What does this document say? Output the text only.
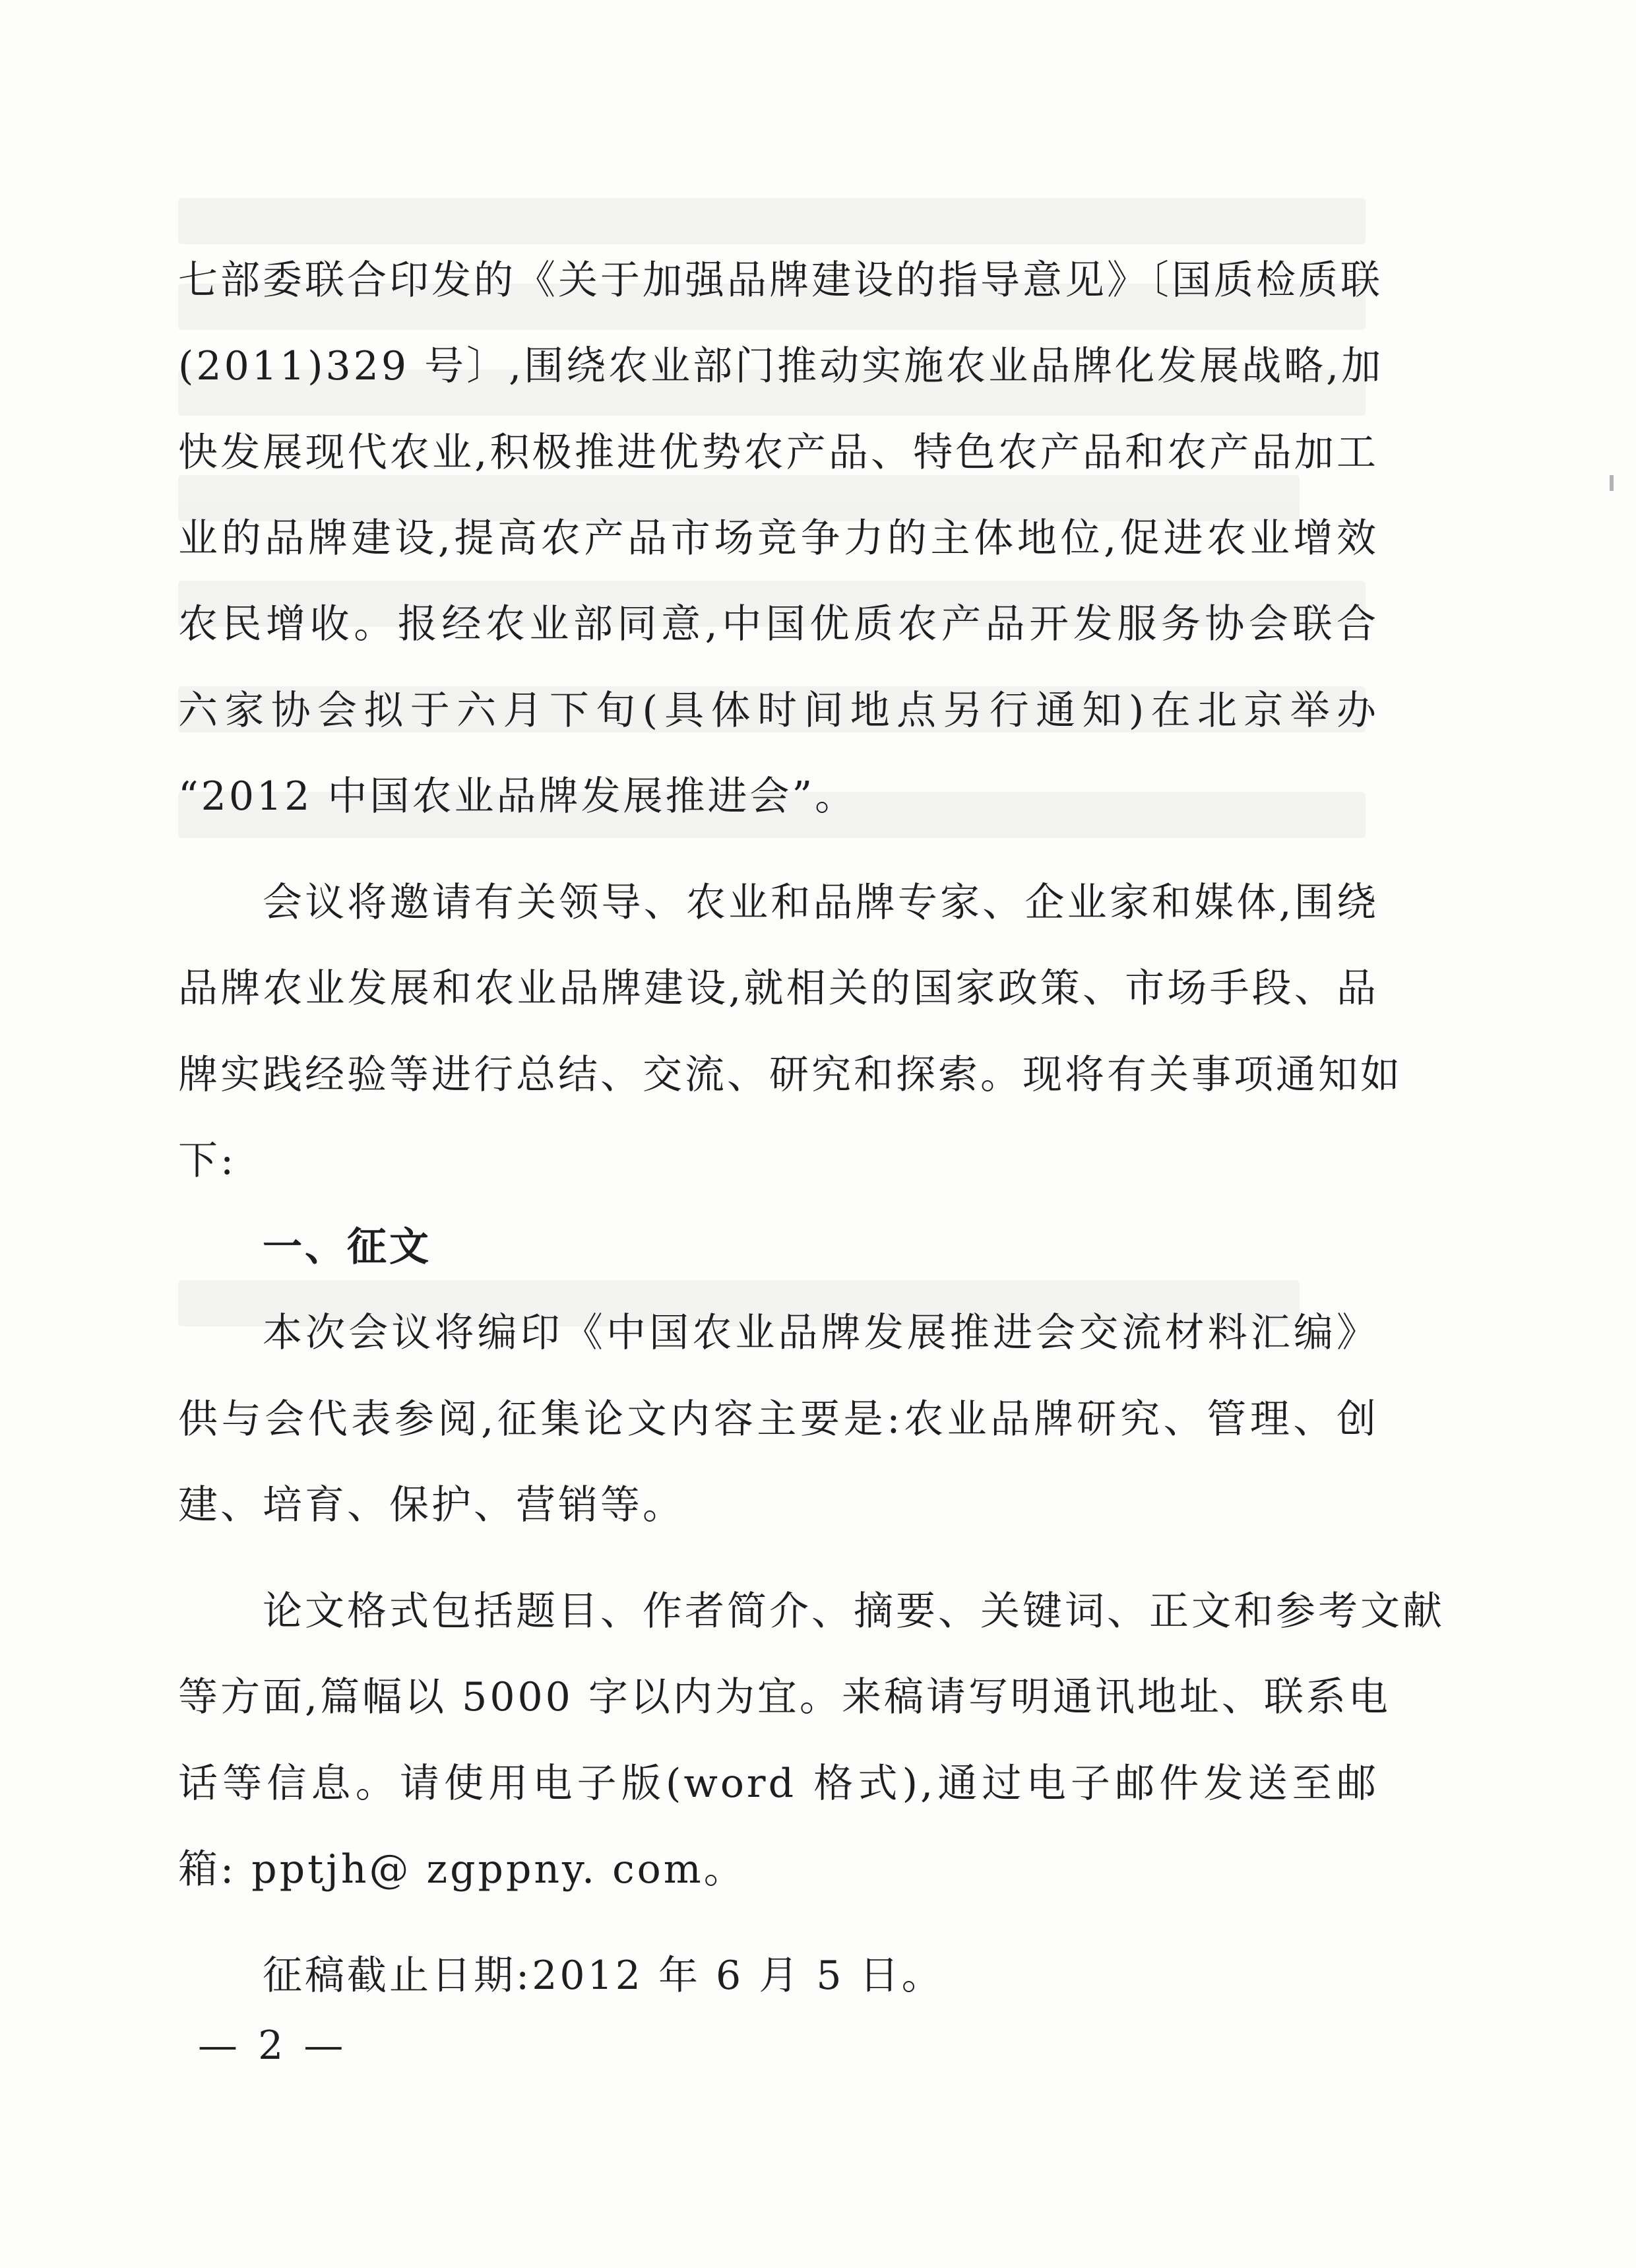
七部委联合印发的《关于加强品牌建设的指导意见》〔国质检质联
(2011)329 号〕,围绕农业部门推动实施农业品牌化发展战略,加
快发展现代农业,积极推进优势农产品、特色农产品和农产品加工
业的品牌建设,提高农产品市场竞争力的主体地位,促进农业增效
农民增收。报经农业部同意,中国优质农产品开发服务协会联合
六家协会拟于六月下旬(具体时间地点另行通知)在北京举办
“2012 中国农业品牌发展推进会”。
会议将邀请有关领导、农业和品牌专家、企业家和媒体,围绕
品牌农业发展和农业品牌建设,就相关的国家政策、市场手段、品
牌实践经验等进行总结、交流、研究和探索。现将有关事项通知如
下:
一、征文
本次会议将编印《中国农业品牌发展推进会交流材料汇编》
供与会代表参阅,征集论文内容主要是:农业品牌研究、管理、创
建、培育、保护、营销等。
论文格式包括题目、作者简介、摘要、关键词、正文和参考文献
等方面,篇幅以 5000 字以内为宜。来稿请写明通讯地址、联系电
话等信息。请使用电子版(word 格式),通过电子邮件发送至邮
箱: pptjh@ zgppny. com。
征稿截止日期:2012 年 6 月 5 日。
— 2 —
